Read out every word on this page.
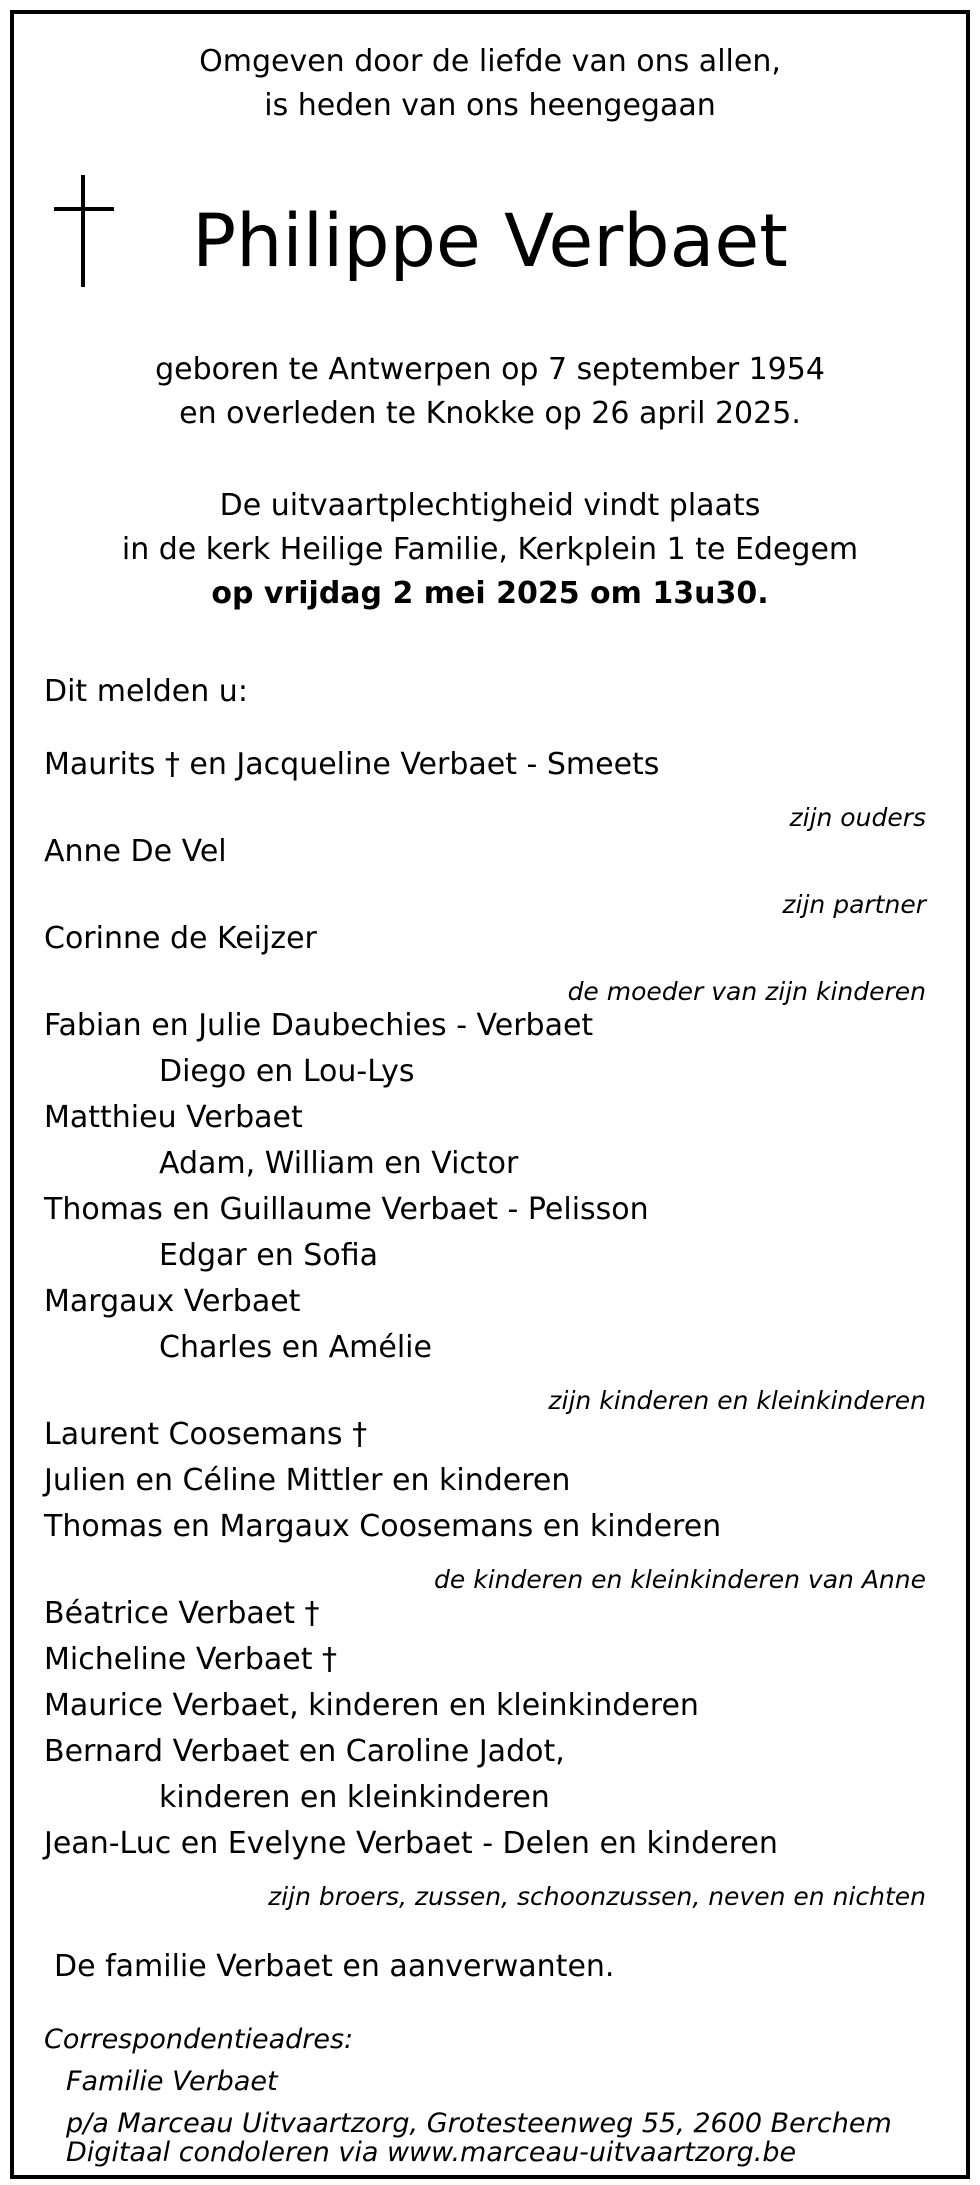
Omgeven door de liefde van ons allen,
is heden van ons heengegaan
Philippe Verbaet
geboren te Antwerpen op 7 september 1954
en overleden te Knokke op 26 april 2025.
De uitvaartplechtigheid vindt plaats
in de kerk Heilige Familie, Kerkplein 1 te Edegem
op vrijdag 2 mei 2025 om 13u30.
Dit melden u:
Maurits † en Jacqueline Verbaet - Smeets
zijn ouders
Anne De Vel
zijn partner
Corinne de Keijzer
de moeder van zijn kinderen
Fabian en Julie Daubechies - Verbaet
Diego en Lou-Lys
Matthieu Verbaet
Adam, William en Victor
Thomas en Guillaume Verbaet - Pelisson
Edgar en Sofia
Margaux Verbaet
Charles en Amélie
zijn kinderen en kleinkinderen
Laurent Coosemans †
Julien en Céline Mittler en kinderen
Thomas en Margaux Coosemans en kinderen
de kinderen en kleinkinderen van Anne
Béatrice Verbaet †
Micheline Verbaet †
Maurice Verbaet, kinderen en kleinkinderen
Bernard Verbaet en Caroline Jadot,
kinderen en kleinkinderen
Jean-Luc en Evelyne Verbaet - Delen en kinderen
zijn broers, zussen, schoonzussen, neven en nichten
De familie Verbaet en aanverwanten.
Correspondentieadres:
Familie Verbaet
p/a Marceau Uitvaartzorg, Grotesteenweg 55, 2600 Berchem
Digitaal condoleren via www.marceau-uitvaartzorg.be
